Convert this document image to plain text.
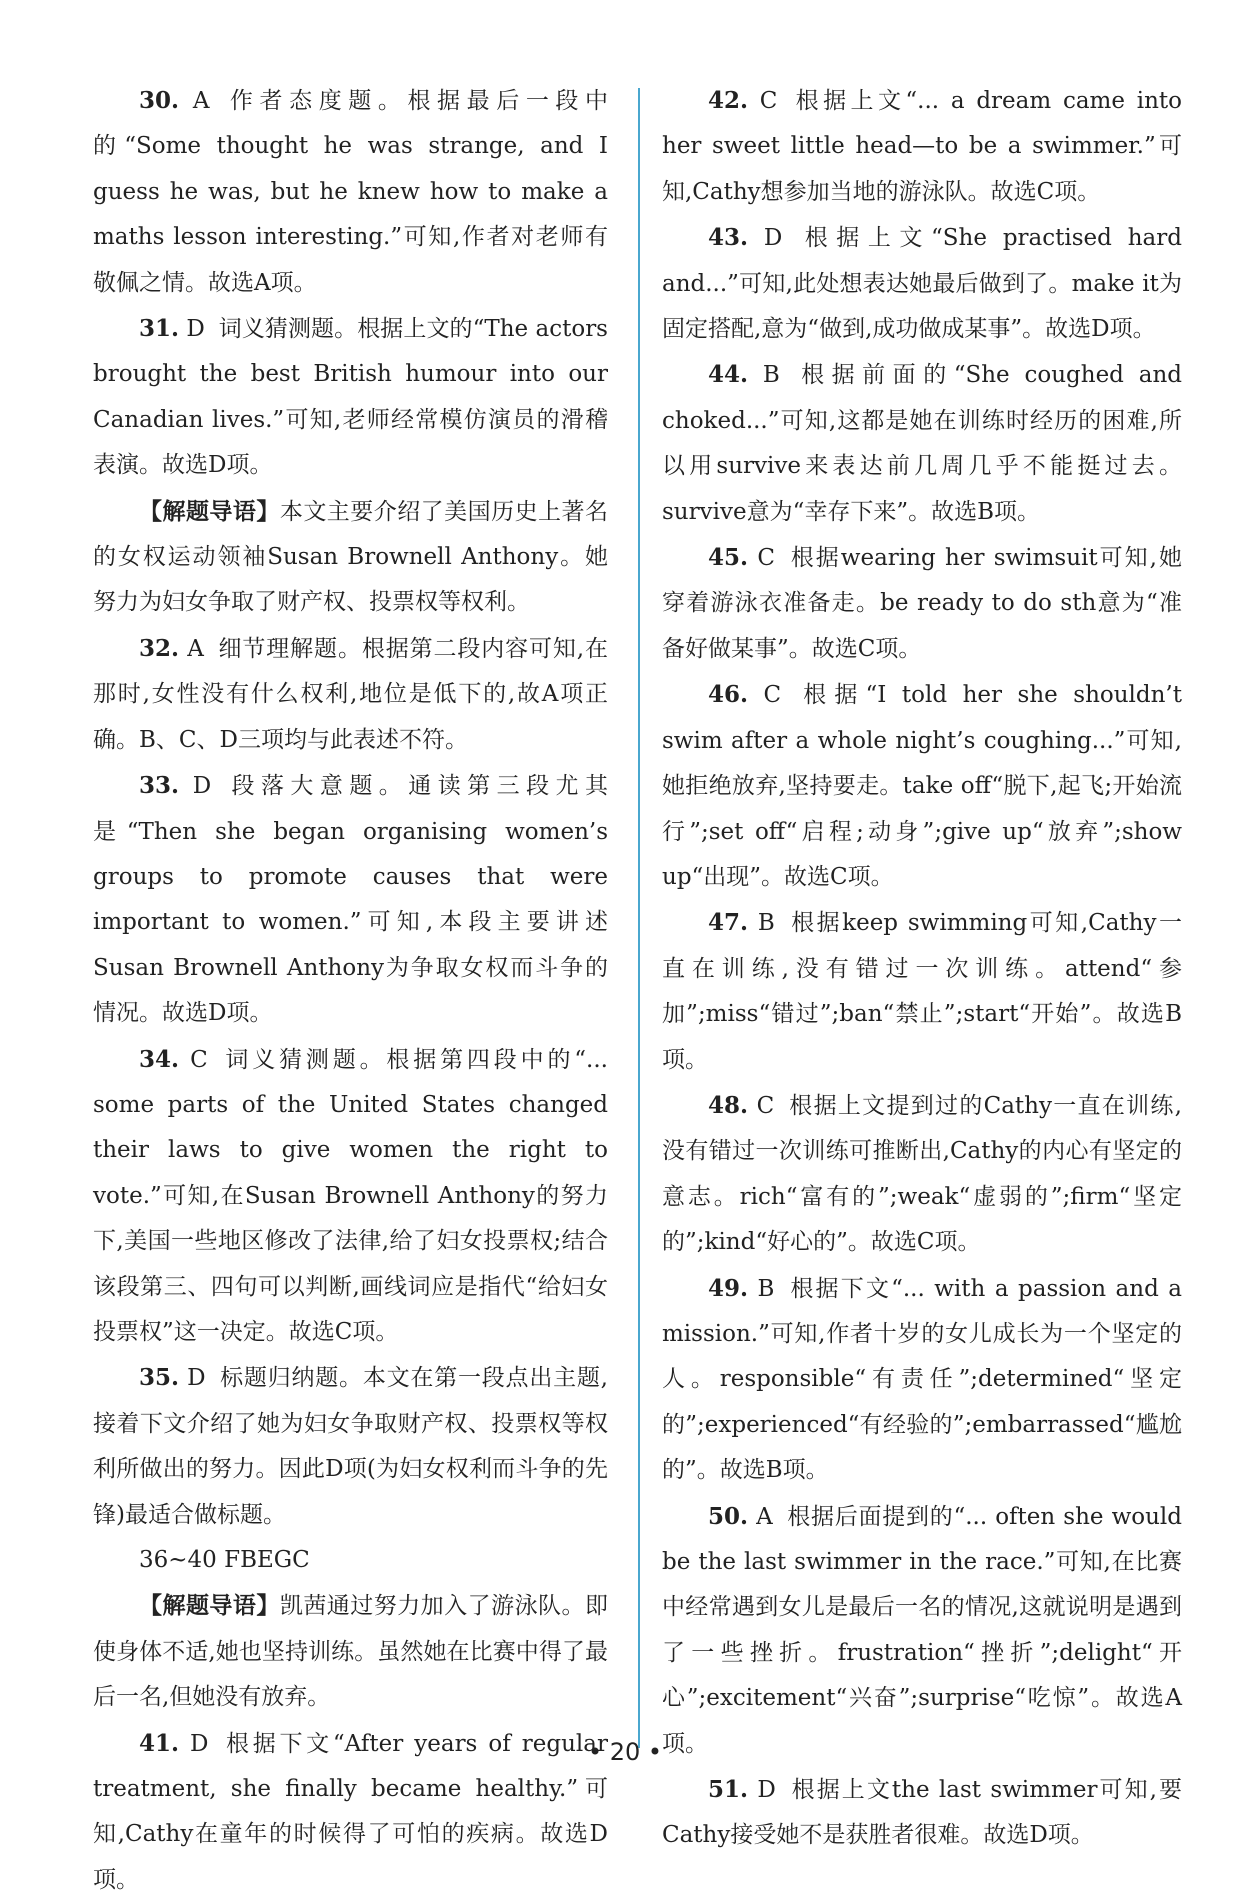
30. A 作者态度题。根据最后一段中的“Some thought he was strange, and I guess he was, but he knew how to make a maths lesson interesting.”可知,作者对老师有敬佩之情。故选A项。

31. D 词义猜测题。根据上文的“The actors brought the best British humour into our Canadian lives.”可知,老师经常模仿演员的滑稽表演。故选D项。

【解题导语】本文主要介绍了美国历史上著名的女权运动领袖Susan Brownell Anthony。她努力为妇女争取了财产权、投票权等权利。

32. A 细节理解题。根据第二段内容可知,在那时,女性没有什么权利,地位是低下的,故A项正确。B、C、D三项均与此表述不符。

33. D 段落大意题。通读第三段尤其是“Then she began organising women’s groups to promote causes that were important to women.”可知,本段主要讲述Susan Brownell Anthony为争取女权而斗争的情况。故选D项。

34. C 词义猜测题。根据第四段中的“... some parts of the United States changed their laws to give women the right to vote.”可知,在Susan Brownell Anthony的努力下,美国一些地区修改了法律,给了妇女投票权;结合该段第三、四句可以判断,画线词应是指代“给妇女投票权”这一决定。故选C项。

35. D 标题归纳题。本文在第一段点出主题,接着下文介绍了她为妇女争取财产权、投票权等权利所做出的努力。因此D项(为妇女权利而斗争的先锋)最适合做标题。

36~40 FBEGC

【解题导语】凯茜通过努力加入了游泳队。即使身体不适,她也坚持训练。虽然她在比赛中得了最后一名,但她没有放弃。

41. D 根据下文“After years of regular treatment, she finally became healthy.”可知,Cathy在童年的时候得了可怕的疾病。故选D项。

42. C 根据上文“... a dream came into her sweet little head—to be a swimmer.”可知,Cathy想参加当地的游泳队。故选C项。

43. D 根据上文“She practised hard and...”可知,此处想表达她最后做到了。make it为固定搭配,意为“做到,成功做成某事”。故选D项。

44. B 根据前面的“She coughed and choked...”可知,这都是她在训练时经历的困难,所以用survive来表达前几周几乎不能挺过去。survive意为“幸存下来”。故选B项。

45. C 根据wearing her swimsuit可知,她穿着游泳衣准备走。be ready to do sth意为“准备好做某事”。故选C项。

46. C 根据“I told her she shouldn’t swim after a whole night’s coughing...”可知,她拒绝放弃,坚持要走。take off“脱下,起飞;开始流行”;set off“启程;动身”;give up“放弃”;show up“出现”。故选C项。

47. B 根据keep swimming可知,Cathy一直在训练,没有错过一次训练。attend“参加”;miss“错过”;ban“禁止”;start“开始”。故选B项。

48. C 根据上文提到过的Cathy一直在训练,没有错过一次训练可推断出,Cathy的内心有坚定的意志。rich“富有的”;weak“虚弱的”;firm“坚定的”;kind“好心的”。故选C项。

49. B 根据下文“... with a passion and a mission.”可知,作者十岁的女儿成长为一个坚定的人。responsible“有责任”;determined“坚定的”;experienced“有经验的”;embarrassed“尴尬的”。故选B项。

50. A 根据后面提到的“... often she would be the last swimmer in the race.”可知,在比赛中经常遇到女儿是最后一名的情况,这就说明是遇到了一些挫折。frustration“挫折”;delight“开心”;excitement“兴奋”;surprise“吃惊”。故选A项。

51. D 根据上文the last swimmer可知,要Cathy接受她不是获胜者很难。故选D项。

• 20 •
